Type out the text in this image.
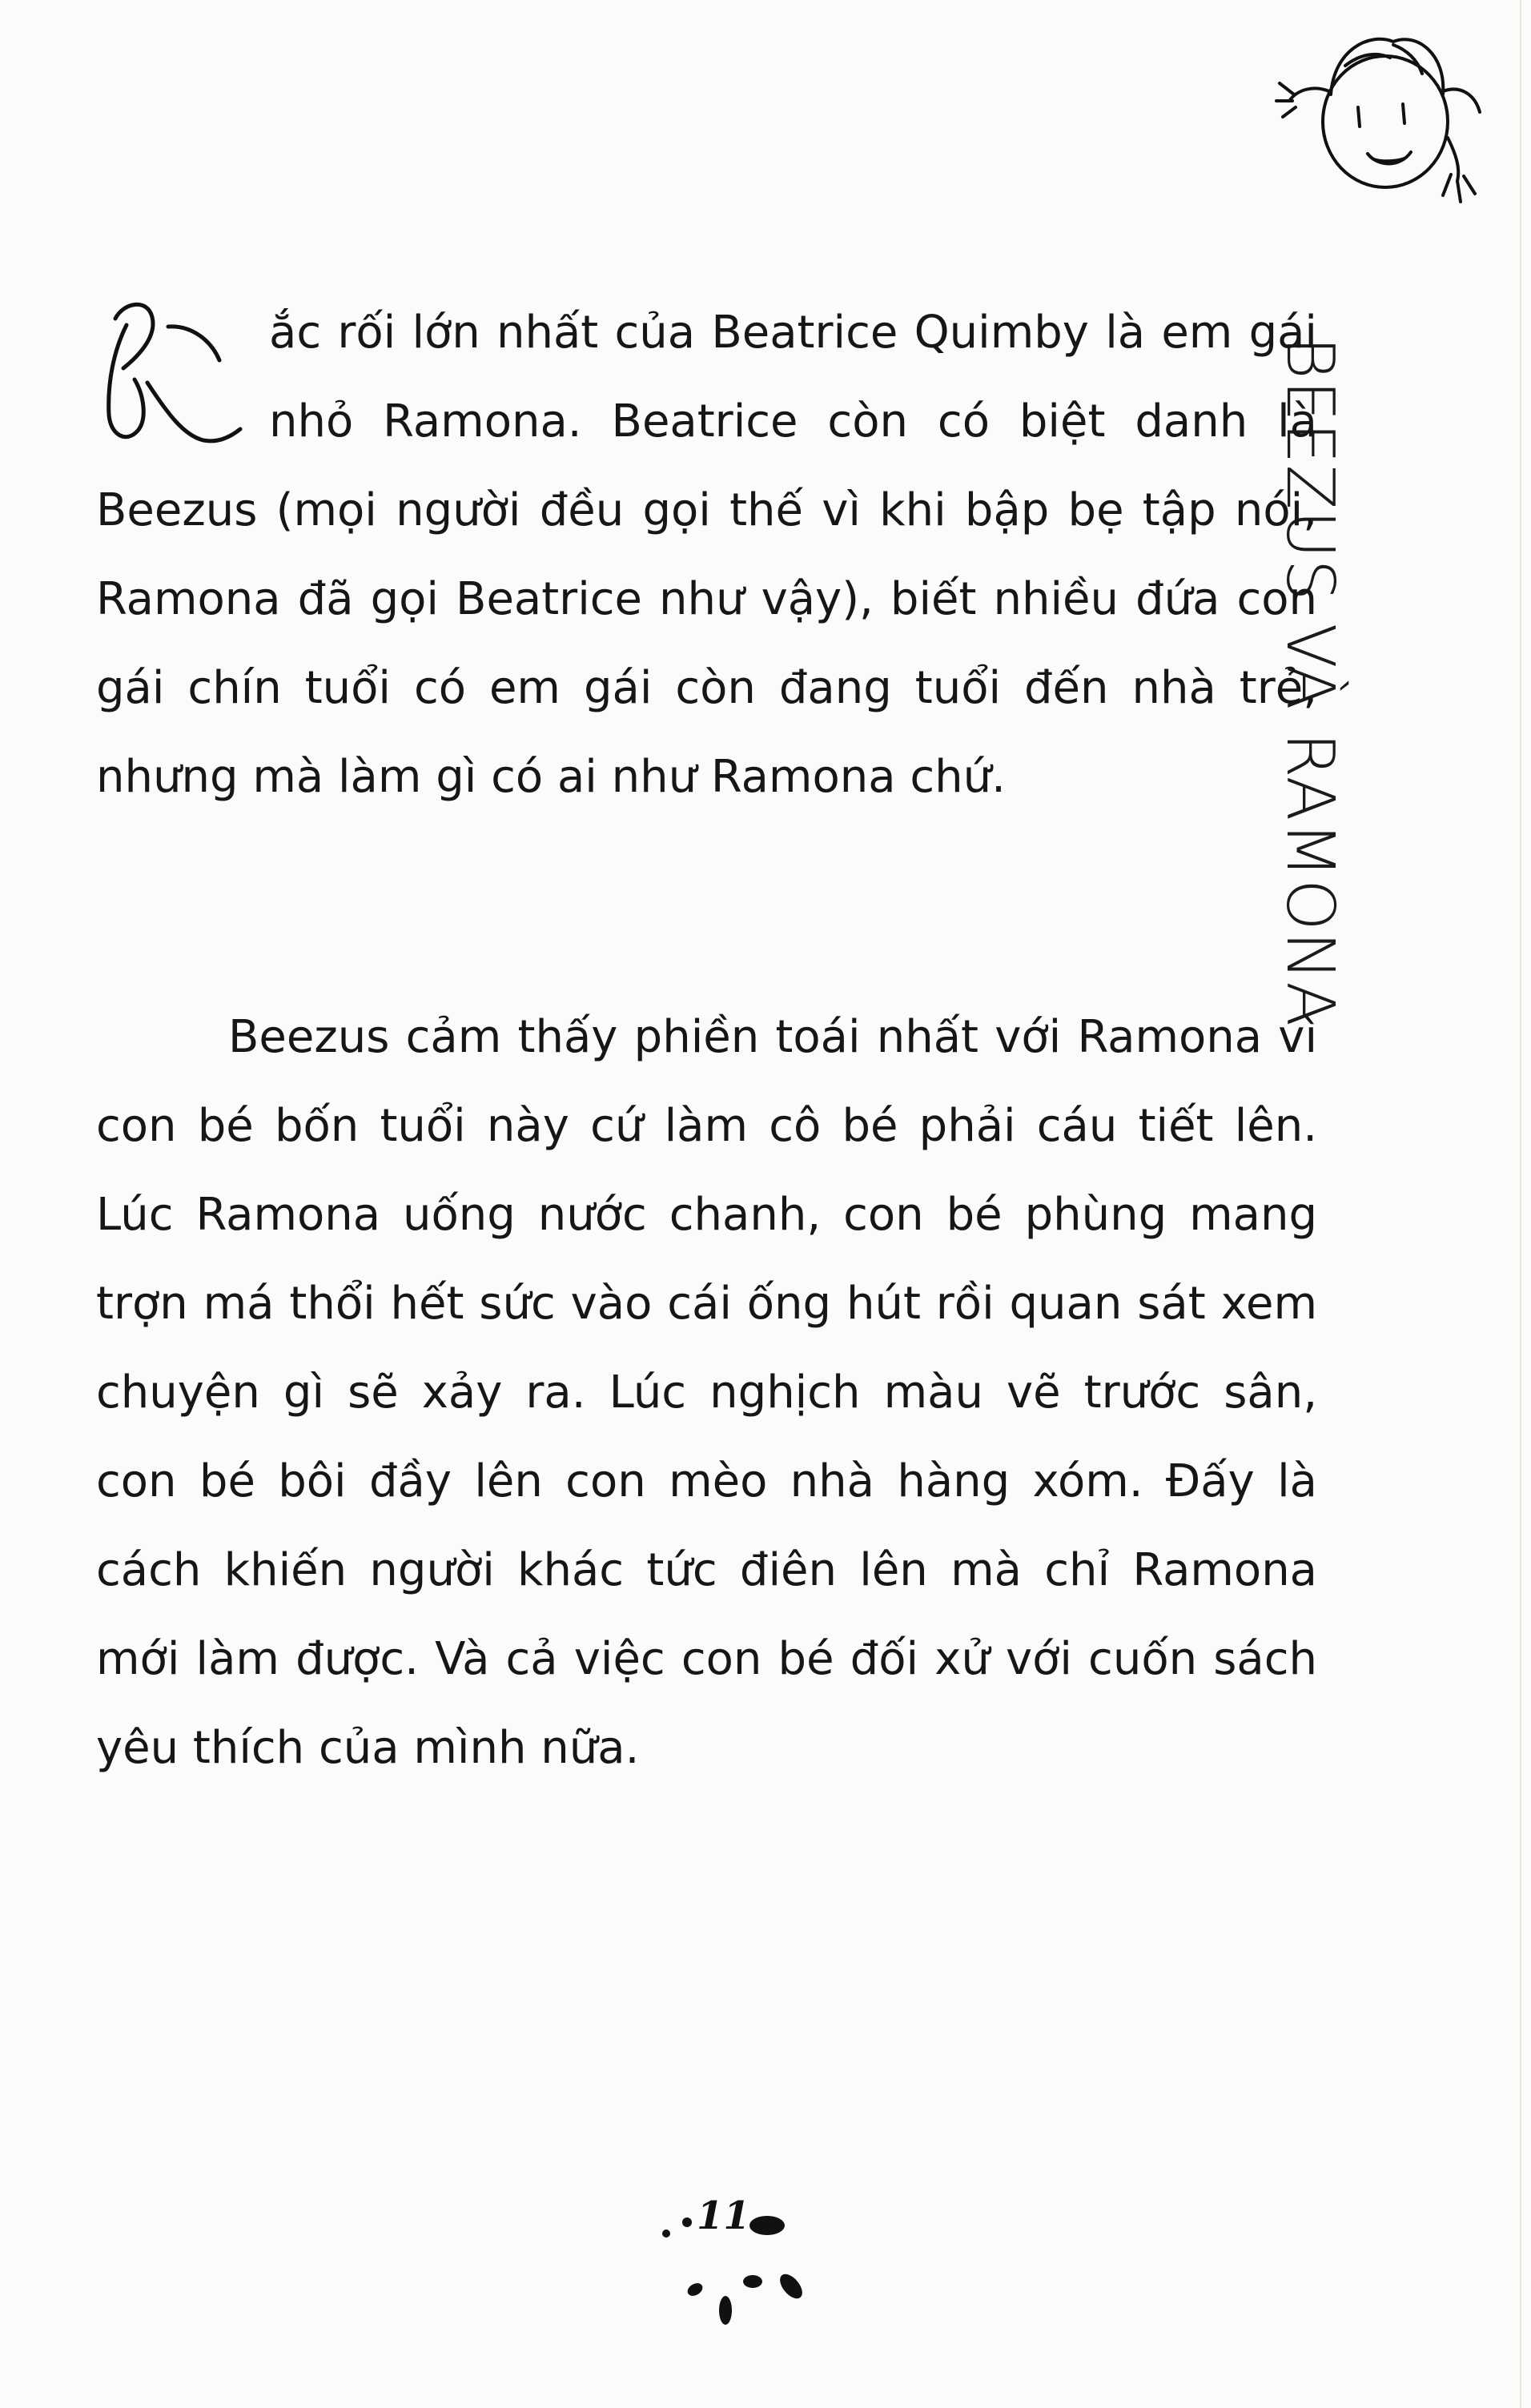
BEEZUS VÀ RAMONA
ắc rối lớn nhất của Beatrice Quimby là em gái nhỏ Ramona. Beatrice còn có biệt danh là Beezus (mọi người đều gọi thế vì khi bập bẹ tập nói, Ramona đã gọi Beatrice như vậy), biết nhiều đứa con gái chín tuổi có em gái còn đang tuổi đến nhà trẻ, nhưng mà làm gì có ai như Ramona chứ.
Beezus cảm thấy phiền toái nhất với Ramona vì con bé bốn tuổi này cứ làm cô bé phải cáu tiết lên. Lúc Ramona uống nước chanh, con bé phùng mang trợn má thổi hết sức vào cái ống hút rồi quan sát xem chuyện gì sẽ xảy ra. Lúc nghịch màu vẽ trước sân, con bé bôi đầy lên con mèo nhà hàng xóm. Đấy là cách khiến người khác tức điên lên mà chỉ Ramona mới làm được. Và cả việc con bé đối xử với cuốn sách yêu thích của mình nữa.
11
